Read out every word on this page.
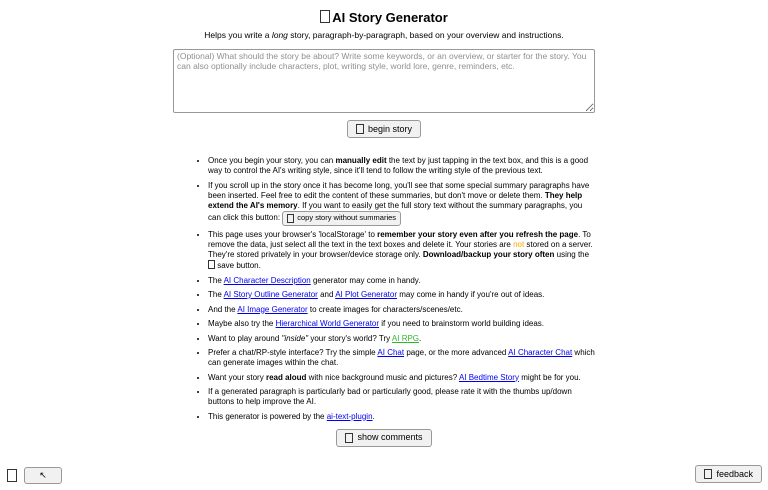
AI Story Generator

Helps you write a long story, paragraph-by-paragraph, based on your overview and instructions.

(Optional) What should the story be about? Write some keywords, or an overview, or starter for the story. You can also optionally include characters, plot, writing style, world lore, genre, reminders, etc.
begin story
• Once you begin your story, you can manually edit the text by just tapping in the text box, and this is a good way to control the AI's writing style, since it'll tend to follow the writing style of the previous text.
• If you scroll up in the story once it has become long, you'll see that some special summary paragraphs have been inserted. Feel free to edit the content of these summaries, but don't move or delete them. They help extend the AI's memory. If you want to easily get the full story text without the summary paragraphs, you can click this button: copy story without summaries
• This page uses your browser's 'localStorage' to remember your story even after you refresh the page. To remove the data, just select all the text in the text boxes and delete it. Your stories are not stored on a server. They're stored privately in your browser/device storage only. Download/backup your story often using the  save button.
• The AI Character Description generator may come in handy.
• The AI Story Outline Generator and AI Plot Generator may come in handy if you're out of ideas.
• And the AI Image Generator to create images for characters/scenes/etc.
• Maybe also try the Hierarchical World Generator if you need to brainstorm world building ideas.
• Want to play around "inside" your story's world? Try AI RPG.
• Prefer a chat/RP-style interface? Try the simple AI Chat page, or the more advanced AI Character Chat which can generate images within the chat.
• Want your story read aloud with nice background music and pictures? AI Bedtime Story might be for you.
• If a generated paragraph is particularly bad or particularly good, please rate it with the thumbs up/down buttons to help improve the AI.
• This generator is powered by the ai-text-plugin.
show comments
↖	feedback
